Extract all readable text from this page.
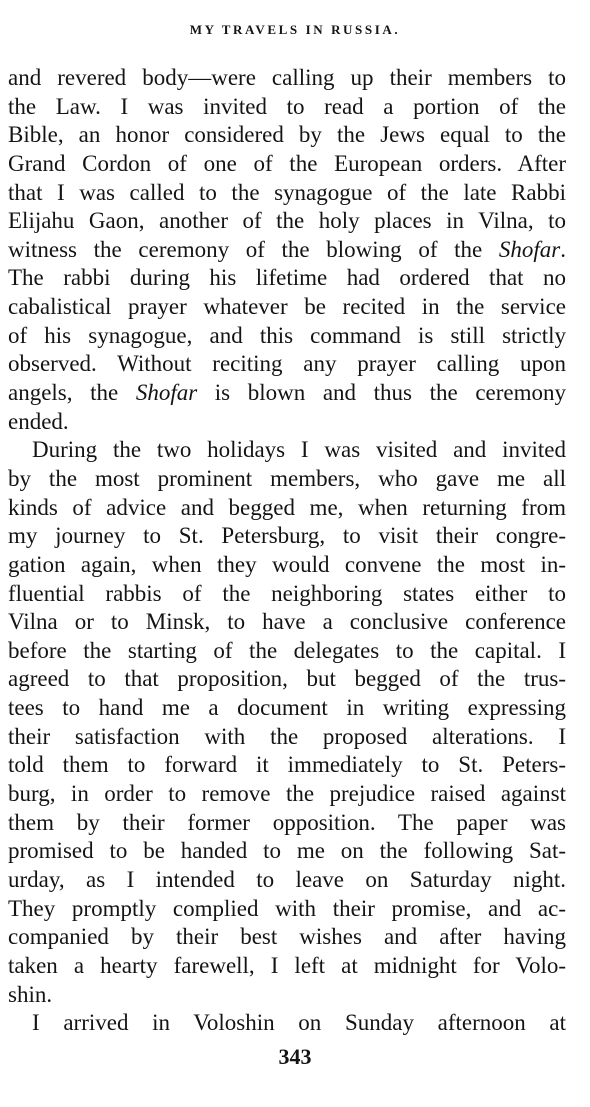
MY TRAVELS IN RUSSIA.
and revered body—were calling up their members to
the Law. I was invited to read a portion of the
Bible, an honor considered by the Jews equal to the
Grand Cordon of one of the European orders. After
that I was called to the synagogue of the late Rabbi
Elijahu Gaon, another of the holy places in Vilna, to
witness the ceremony of the blowing of the Shofar.
The rabbi during his lifetime had ordered that no
cabalistical prayer whatever be recited in the service
of his synagogue, and this command is still strictly
observed. Without reciting any prayer calling upon
angels, the Shofar is blown and thus the ceremony
ended.
During the two holidays I was visited and invited
by the most prominent members, who gave me all
kinds of advice and begged me, when returning from
my journey to St. Petersburg, to visit their congre-
gation again, when they would convene the most in-
fluential rabbis of the neighboring states either to
Vilna or to Minsk, to have a conclusive conference
before the starting of the delegates to the capital. I
agreed to that proposition, but begged of the trus-
tees to hand me a document in writing expressing
their satisfaction with the proposed alterations. I
told them to forward it immediately to St. Peters-
burg, in order to remove the prejudice raised against
them by their former opposition. The paper was
promised to be handed to me on the following Sat-
urday, as I intended to leave on Saturday night.
They promptly complied with their promise, and ac-
companied by their best wishes and after having
taken a hearty farewell, I left at midnight for Volo-
shin.
I arrived in Voloshin on Sunday afternoon at
343
